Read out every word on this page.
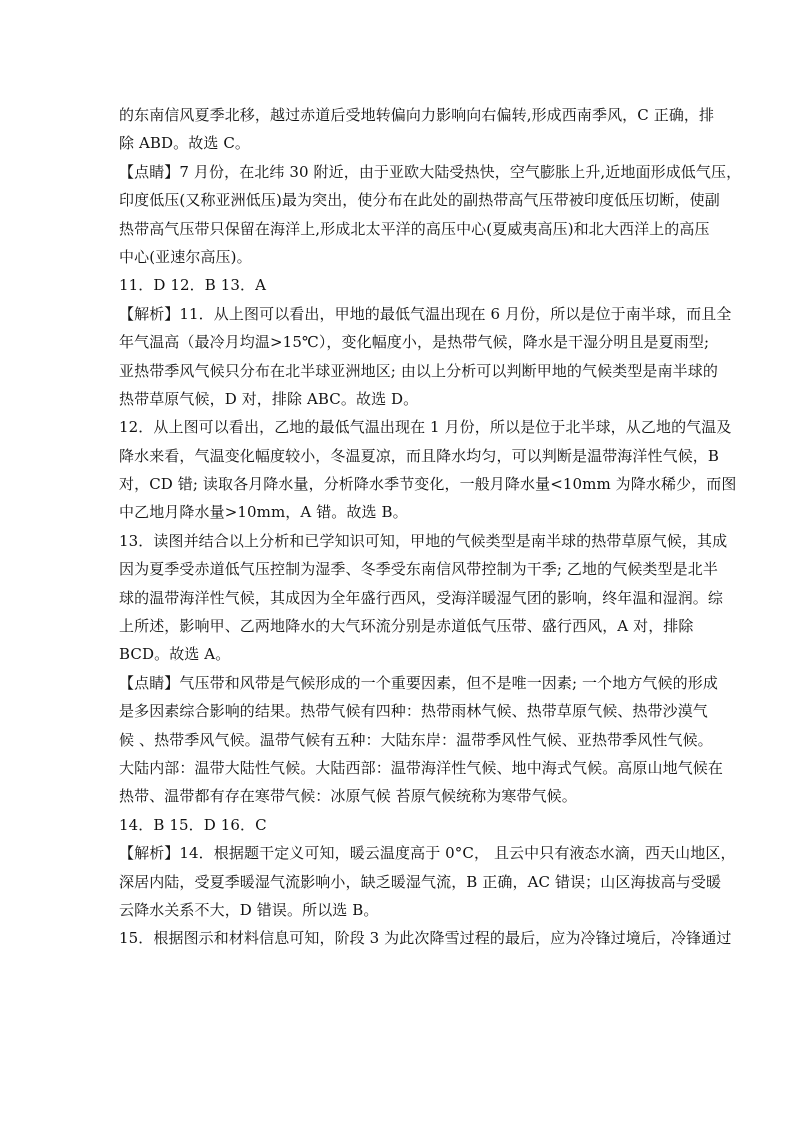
的东南信风夏季北移，越过赤道后受地转偏向力影响向右偏转,形成西南季风，C 正确，排
除 ABD。故选 C。
【点睛】7 月份，在北纬 30 附近，由于亚欧大陆受热快，空气膨胀上升,近地面形成低气压，
印度低压(又称亚洲低压)最为突出，使分布在此处的副热带高气压带被印度低压切断，使副
热带高气压带只保留在海洋上,形成北太平洋的高压中心(夏威夷高压)和北大西洋上的高压
中心(亚速尔高压)。
11．D 12．B 13．A
【解析】11．从上图可以看出，甲地的最低气温出现在 6 月份，所以是位于南半球，而且全
年气温高（最冷月均温>15℃），变化幅度小，是热带气候，降水是干湿分明且是夏雨型;
亚热带季风气候只分布在北半球亚洲地区; 由以上分析可以判断甲地的气候类型是南半球的
热带草原气候，D 对，排除 ABC。故选 D。
12．从上图可以看出，乙地的最低气温出现在 1 月份，所以是位于北半球，从乙地的气温及
降水来看，气温变化幅度较小，冬温夏凉，而且降水均匀，可以判断是温带海洋性气候，B
对，CD 错; 读取各月降水量，分析降水季节变化，一般月降水量<10mm 为降水稀少，而图
中乙地月降水量>10mm，A 错。故选 B。
13．读图并结合以上分析和已学知识可知，甲地的气候类型是南半球的热带草原气候，其成
因为夏季受赤道低气压控制为湿季、冬季受东南信风带控制为干季; 乙地的气候类型是北半
球的温带海洋性气候，其成因为全年盛行西风，受海洋暖湿气团的影响，终年温和湿润。综
上所述，影响甲、乙两地降水的大气环流分别是赤道低气压带、盛行西风，A 对，排除
BCD。故选 A。
【点睛】气压带和风带是气候形成的一个重要因素，但不是唯一因素; 一个地方气候的形成
是多因素综合影响的结果。热带气候有四种：热带雨林气候、热带草原气候、热带沙漠气
候 、热带季风气候。温带气候有五种：大陆东岸：温带季风性气候、亚热带季风性气候。
大陆内部：温带大陆性气候。大陆西部：温带海洋性气候、地中海式气候。高原山地气候在
热带、温带都有存在寒带气候：冰原气候 苔原气候统称为寒带气候。
14．B 15．D 16．C
【解析】14．根据题干定义可知，暖云温度高于 0°C， 且云中只有液态水滴，西天山地区，
深居内陆，受夏季暖湿气流影响小，缺乏暖湿气流，B 正确，AC 错误；山区海拔高与受暖
云降水关系不大，D 错误。所以选 B。
15．根据图示和材料信息可知，阶段 3 为此次降雪过程的最后，应为冷锋过境后，冷锋通过
